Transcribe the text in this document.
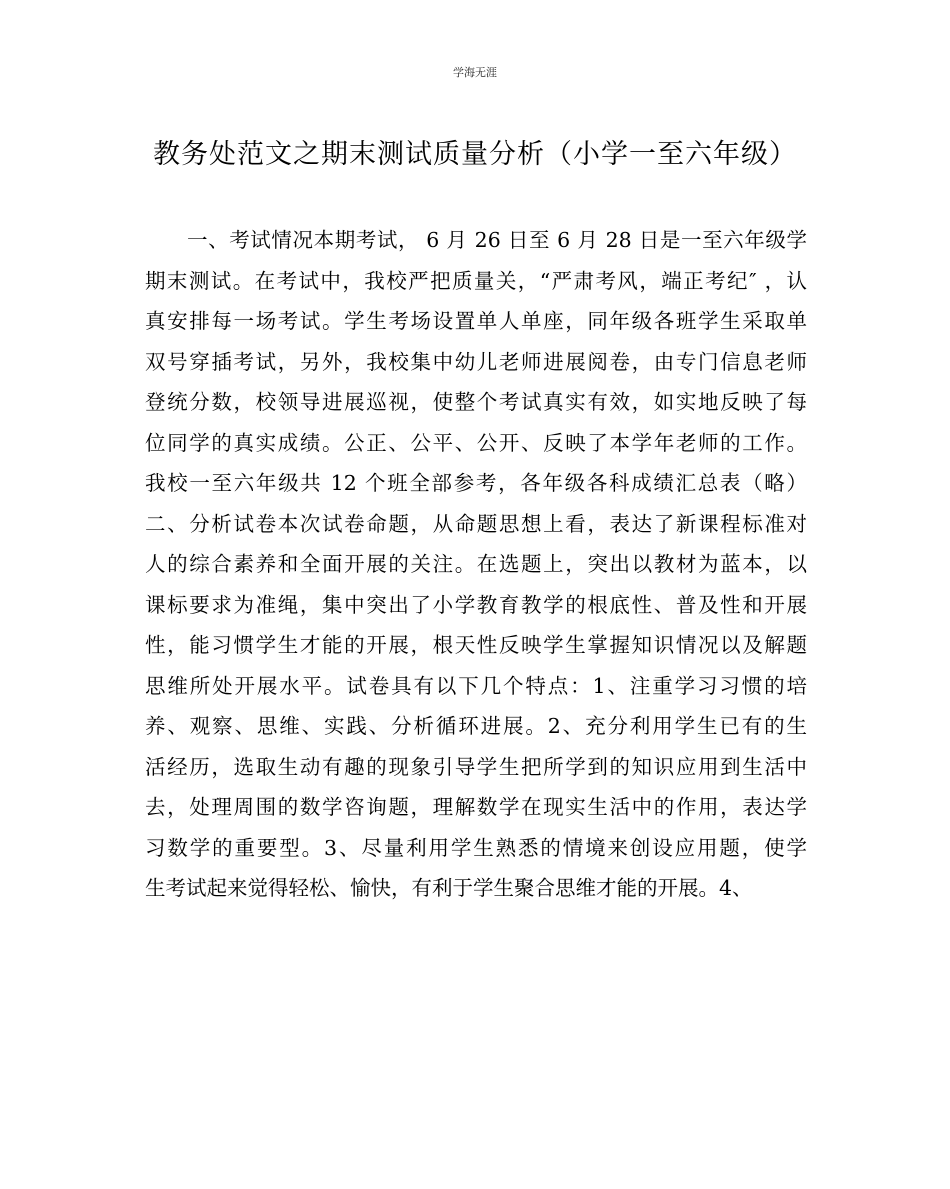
学海无涯
教务处范文之期末测试质量分析（小学一至六年级）
一、考试情况本期考试， 6 月 26 日至 6 月 28 日是一至六年级学
期末测试。在考试中，我校严把质量关，“严肃考风，端正考纪″ ，认
真安排每一场考试。学生考场设置单人单座，同年级各班学生采取单
双号穿插考试，另外，我校集中幼儿老师进展阅卷，由专门信息老师
登统分数，校领导进展巡视，使整个考试真实有效，如实地反映了每
位同学的真实成绩。公正、公平、公开、反映了本学年老师的工作。
我校一至六年级共 12 个班全部参考，各年级各科成绩汇总表（略）
二、分析试卷本次试卷命题，从命题思想上看，表达了新课程标准对
人的综合素养和全面开展的关注。在选题上，突出以教材为蓝本，以
课标要求为准绳，集中突出了小学教育教学的根底性、普及性和开展
性，能习惯学生才能的开展，根天性反映学生掌握知识情况以及解题
思维所处开展水平。试卷具有以下几个特点：1、注重学习习惯的培
养、观察、思维、实践、分析循环进展。2、充分利用学生已有的生
活经历，选取生动有趣的现象引导学生把所学到的知识应用到生活中
去，处理周围的数学咨询题，理解数学在现实生活中的作用，表达学
习数学的重要型。3、尽量利用学生熟悉的情境来创设应用题，使学
生考试起来觉得轻松、愉快，有利于学生聚合思维才能的开展。4、
